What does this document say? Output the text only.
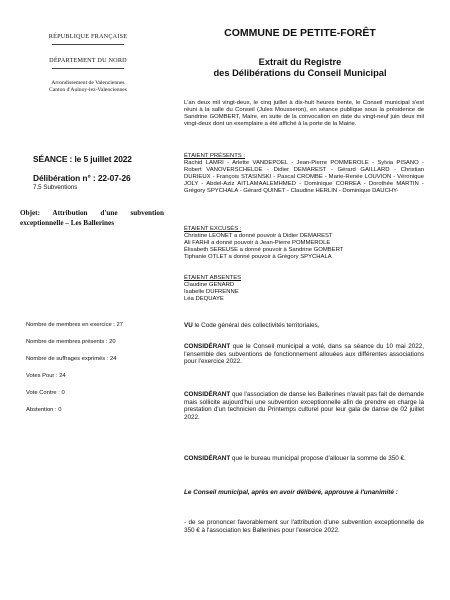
RÉPUBLIQUE FRANÇAISE
DÉPARTEMENT DU NORD
Arrondissement de Valenciennes
Canton d'Aulnoy-lez-Valenciennes
COMMUNE DE PETITE-FORÊT
Extrait du Registre
des Délibérations du Conseil Municipal
SÉANCE : le 5 juillet 2022
Délibération n° : 22-07-26
7.5 Subventions
Objet: Attribution d'une subvention exceptionnelle – Les Ballerines
Nombre de membres en exercice : 27
Nombre de membres présents : 20
Nombre de suffrages exprimés : 24
Votes Pour : 24
Vote Contre : 0
Abstention : 0
L'an deux mil vingt-deux, le cinq juillet à dix-huit heures trente, le Conseil municipal s'est réuni à la salle du Conseil (Jules Mousseron), en séance publique sous la présidence de Sandrine GOMBERT, Maire, en suite de la convocation en date du vingt-neuf juin deux mil vingt-deux dont un exemplaire a été affiché à la porte de la Mairie.
ÉTAIENT PRÉSENTS :
Rachid LAMRI - Arlette VANDEPOEL - Jean-Pierre POMMEROLE - Sylvia PISANO - Robert VANOVERSCHELDE - Didier DEMAREST - Gérard GAILLARD - Christian DURIEUX - François STASINSKI - Pascal CROMBE - Marie-Renée LOUVION - Véronique JOLY - Abdel-Aziz AITLAMAALEMHMED - Dominique CORREA - Dorothée MARTIN - Grégory SPYCHALA - Gérard QUINET - Claudine HERLIN - Dominique DAUCHY-
ÉTAIENT EXCUSÉS :
Christine LEONET a donné pouvoir à Didier DEMAREST
Ali FARHI a donné pouvoir à Jean-Pierre POMMEROLE
Élisabeth SEREUSE a donné pouvoir à Sandrine GOMBERT
Tiphanie OTLET a donné pouvoir à Grégory SPYCHALA
ÉTAIENT ABSENTES
Claudine GENARD
Isabelle DUFRENNE
Léa DEQUAYE
VU le Code général des collectivités territoriales,
CONSIDÉRANT que le Conseil municipal a voté, dans sa séance du 10 mai 2022, l'ensemble des subventions de fonctionnement allouées aux différentes associations pour l'exercice 2022.
CONSIDÉRANT que l'association de danse les Ballerines n'avait pas fait de demande mais sollicite aujourd'hui une subvention exceptionnelle afin de prendre en charge la prestation d'un technicien du Printemps culturel pour leur gala de danse de 02 juillet 2022.
CONSIDÉRANT que le bureau municipal propose d'allouer la somme de 350 €.
Le Conseil municipal, après en avoir délibéré, approuve à l'unanimité :
- de se prononcer favorablement sur l'attribution d'une subvention exceptionnelle de 350 € à l'association les Ballerines pour l'exercice 2022.
